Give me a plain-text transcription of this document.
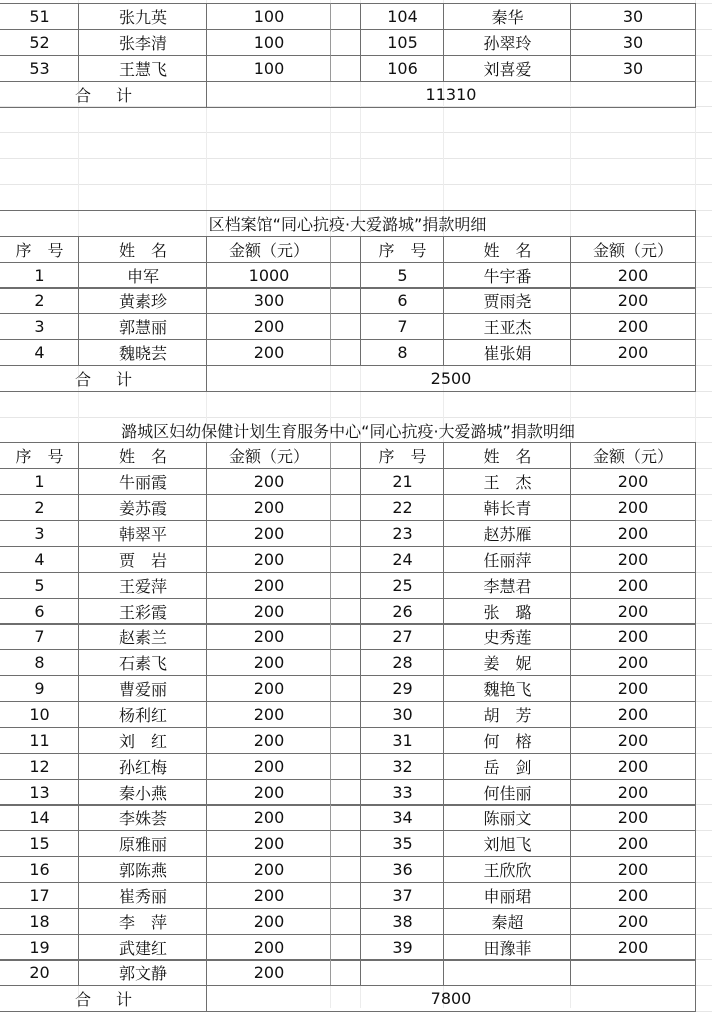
51	张九英	100	104	秦华	30
52	张李清	100	105	孙翠玲	30
53	王慧飞	100	106	刘喜爱	30
合 计	11310
区档案馆“同心抗疫·大爱潞城”捐款明细
序　号	姓　名	金额（元）	序　号	姓　名	金额（元）
1	申军	1000	5	牛宇番	200
2	黄素珍	300	6	贾雨尧	200
3	郭慧丽	200	7	王亚杰	200
4	魏晓芸	200	8	崔张娟	200
合 计	2500
潞城区妇幼保健计划生育服务中心“同心抗疫·大爱潞城”捐款明细
序　号	姓　名	金额（元）	序　号	姓　名	金额（元）
1	牛丽霞	200	21	王　杰	200
2	姜苏霞	200	22	韩长青	200
3	韩翠平	200	23	赵苏雁	200
4	贾　岩	200	24	任丽萍	200
5	王爱萍	200	25	李慧君	200
6	王彩霞	200	26	张　璐	200
7	赵素兰	200	27	史秀莲	200
8	石素飞	200	28	姜　妮	200
9	曹爱丽	200	29	魏艳飞	200
10	杨利红	200	30	胡　芳	200
11	刘　红	200	31	何　榕	200
12	孙红梅	200	32	岳　剑	200
13	秦小燕	200	33	何佳丽	200
14	李姝荟	200	34	陈丽文	200
15	原雅丽	200	35	刘旭飞	200
16	郭陈燕	200	36	王欣欣	200
17	崔秀丽	200	37	申丽珺	200
18	李　萍	200	38	秦超	200
19	武建红	200	39	田豫菲	200
20	郭文静	200
合 计	7800
